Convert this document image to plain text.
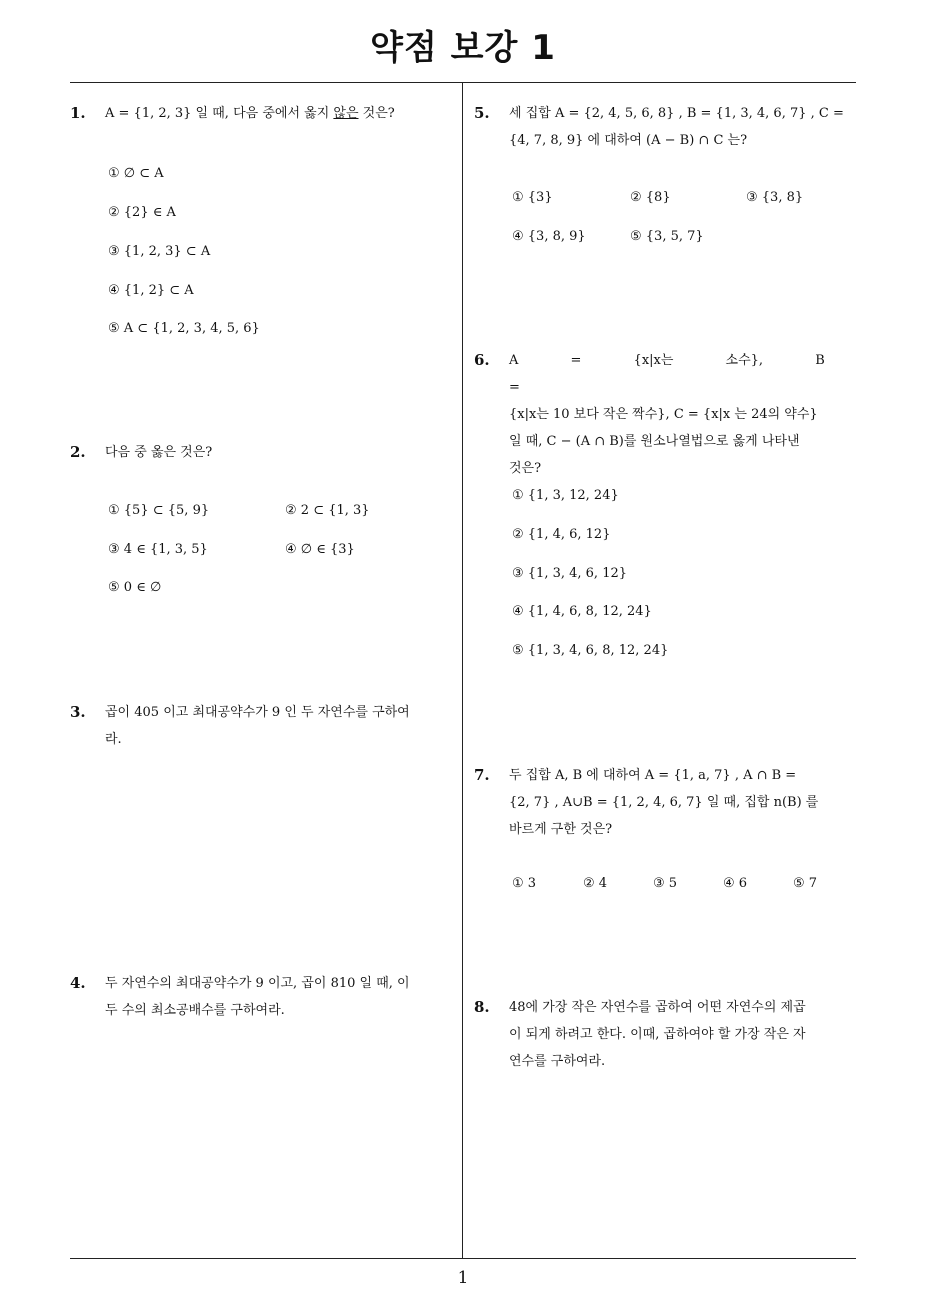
약점 보강 1
1
1. A = {1, 2, 3} 일 때, 다음 중에서 옳지 않은 것은?
① ∅ ⊂ A
② {2} ∈ A
③ {1, 2, 3} ⊂ A
④ {1, 2} ⊂ A
⑤ A ⊂ {1, 2, 3, 4, 5, 6}
2. 다음 중 옳은 것은?
① {5} ⊂ {5, 9}	② 2 ⊂ {1, 3}
③ 4 ∈ {1, 3, 5}	④ ∅ ∈ {3}
⑤ 0 ∈ ∅
3. 곱이 405 이고 최대공약수가 9 인 두 자연수를 구하여
라.
4. 두 자연수의 최대공약수가 9 이고, 곱이 810 일 때, 이
두 수의 최소공배수를 구하여라.
5. 세 집합 A = {2, 4, 5, 6, 8} , B = {1, 3, 4, 6, 7} , C =
{4, 7, 8, 9} 에 대하여 (A − B) ∩ C 는?
① {3}	② {8}	③ {3, 8}
④ {3, 8, 9}	⑤ {3, 5, 7}
6. A = {x|x는 소수}, B =
{x|x는 10 보다 작은 짝수}, C = {x|x 는 24의 약수}
일 때, C − (A ∩ B)를 원소나열법으로 옳게 나타낸
것은?
① {1, 3, 12, 24}
② {1, 4, 6, 12}
③ {1, 3, 4, 6, 12}
④ {1, 4, 6, 8, 12, 24}
⑤ {1, 3, 4, 6, 8, 12, 24}
7. 두 집합 A, B 에 대하여 A = {1, a, 7} , A ∩ B =
{2, 7} , A∪B = {1, 2, 4, 6, 7} 일 때, 집합 n(B) 를
바르게 구한 것은?
① 3	② 4	③ 5	④ 6	⑤ 7
8. 48에 가장 작은 자연수를 곱하여 어떤 자연수의 제곱
이 되게 하려고 한다. 이때, 곱하여야 할 가장 작은 자
연수를 구하여라.
